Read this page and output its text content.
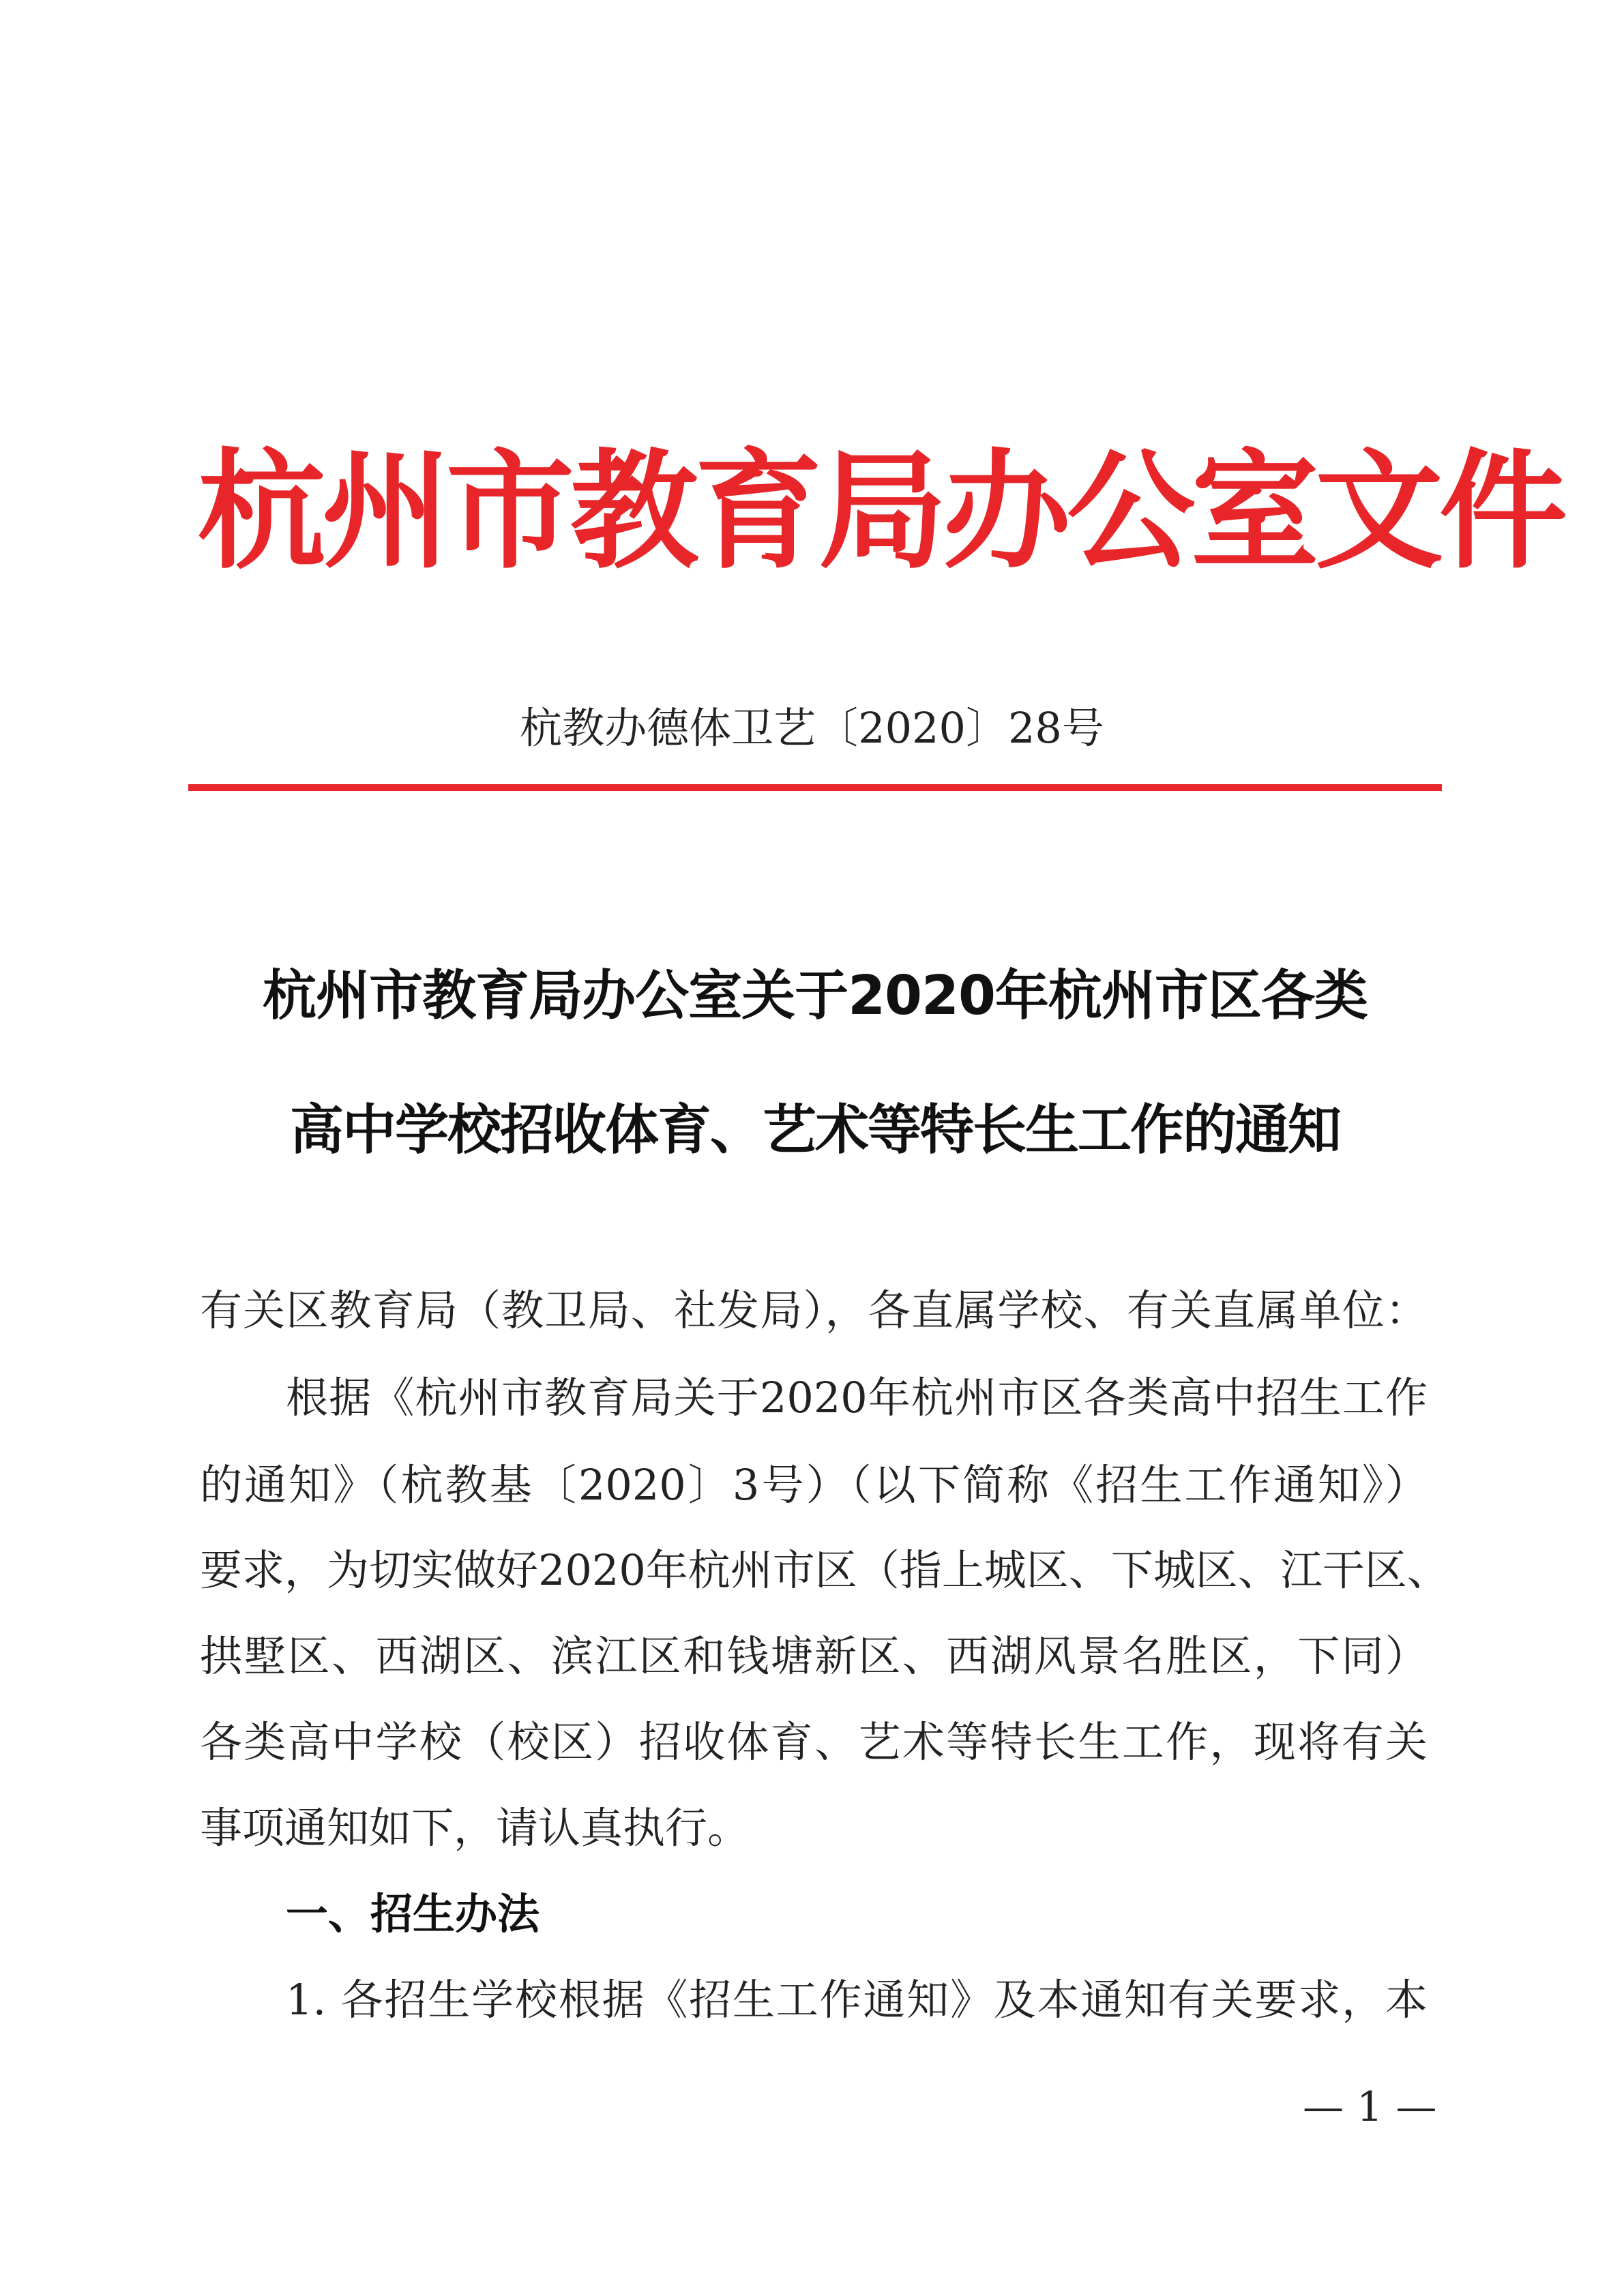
杭州市教育局办公室文件
杭教办德体卫艺〔2020〕28号
杭州市教育局办公室关于2020年杭州市区各类
高中学校招收体育、艺术等特长生工作的通知
有关区教育局（教卫局、社发局），各直属学校、有关直属单位：
根据《杭州市教育局关于2020年杭州市区各类高中招生工作
的通知》（杭教基〔2020〕3号）（以下简称《招生工作通知》）
要求，为切实做好2020年杭州市区（指上城区、下城区、江干区、
拱墅区、西湖区、滨江区和钱塘新区、西湖风景名胜区，下同）
各类高中学校（校区）招收体育、艺术等特长生工作，现将有关
事项通知如下，请认真执行。
一、招生办法
1. 各招生学校根据《招生工作通知》及本通知有关要求，本
— 1 —
